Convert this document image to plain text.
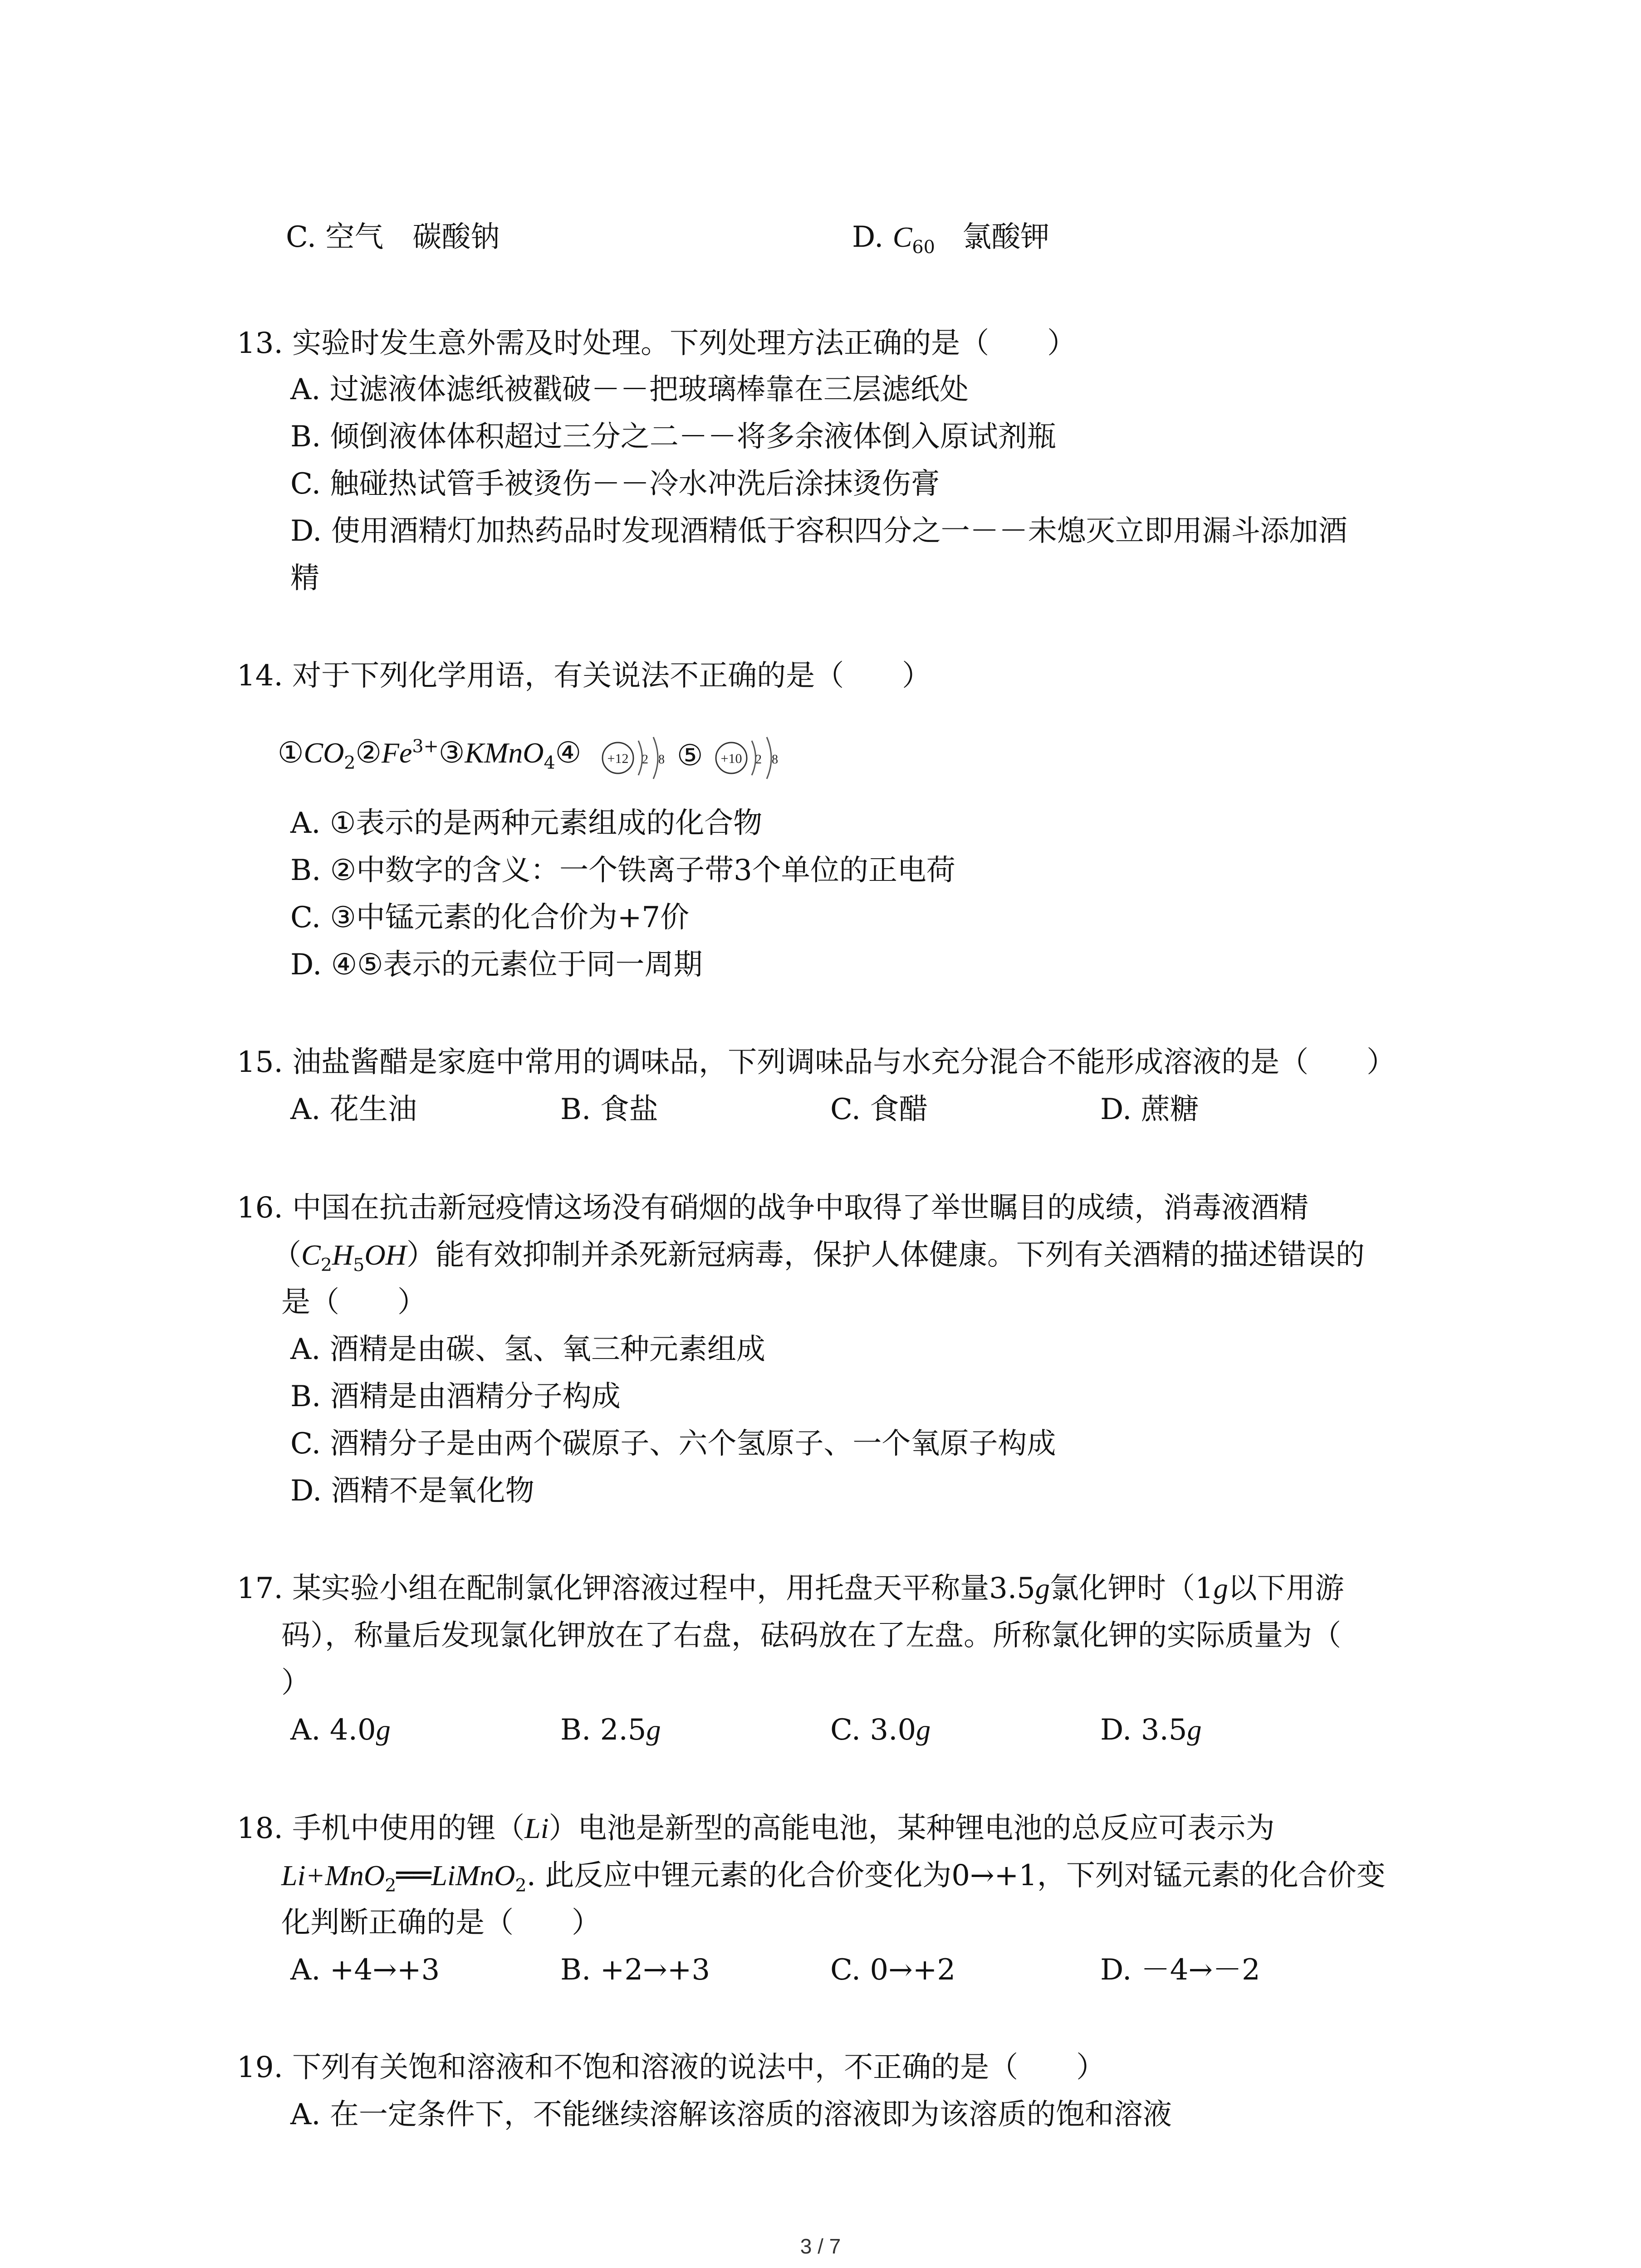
C. 空气　碳酸钠	D. $C_{60}$ 氯酸钾
13. 实验时发生意外需及时处理。下列处理方法正确的是（　　）
A. 过滤液体滤纸被戳破－－把玻璃棒靠在三层滤纸处
B. 倾倒液体体积超过三分之二－－将多余液体倒入原试剂瓶
C. 触碰热试管手被烫伤－－冷水冲洗后涂抹烫伤膏
D. 使用酒精灯加热药品时发现酒精低于容积四分之一－－未熄灭立即用漏斗添加酒
精
14. 对于下列化学用语，有关说法不正确的是（　　）
$①CO_2②Fe^{3+}③KMnO_4④ +12$ 2 8 ⑤ +10 2 8
A. ①表示的是两种元素组成的化合物
B. ②中数字的含义：一个铁离子带3个单位的正电荷
C. ③中锰元素的化合价为+7价
D. ④⑤表示的元素位于同一周期
15. 油盐酱醋是家庭中常用的调味品，下列调味品与水充分混合不能形成溶液的是（　　）
A. 花生油	B. 食盐	C. 食醋	D. 蔗糖
16. 中国在抗击新冠疫情这场没有硝烟的战争中取得了举世瞩目的成绩，消毒液酒精
$(C_2H_5OH)$能有效抑制并杀死新冠病毒，保护人体健康。下列有关酒精的描述错误的
是（　　）
A. 酒精是由碳、氢、氧三种元素组成
B. 酒精是由酒精分子构成
C. 酒精分子是由两个碳原子、六个氢原子、一个氧原子构成
D. 酒精不是氧化物
17. 某实验小组在配制氯化钾溶液过程中，用托盘天平称量3.5g氯化钾时（1g以下用游
码），称量后发现氯化钾放在了右盘，砝码放在了左盘。所称氯化钾的实际质量为（
）
A. 4.0g	B. 2.5g	C. 3.0g	D. 3.5g
18. 手机中使用的锂（Li）电池是新型的高能电池，某种锂电池的总反应可表示为
Li+MnO$_2$══LiMnO$_2$. 此反应中锂元素的化合价变化为0→+1，下列对锰元素的化合价变
化判断正确的是（　　）
A. +4→+3	B. +2→+3	C. 0→+2	D. －4→－2
19. 下列有关饱和溶液和不饱和溶液的说法中，不正确的是（　　）
A. 在一定条件下，不能继续溶解该溶质的溶液即为该溶质的饱和溶液
3 / 7
